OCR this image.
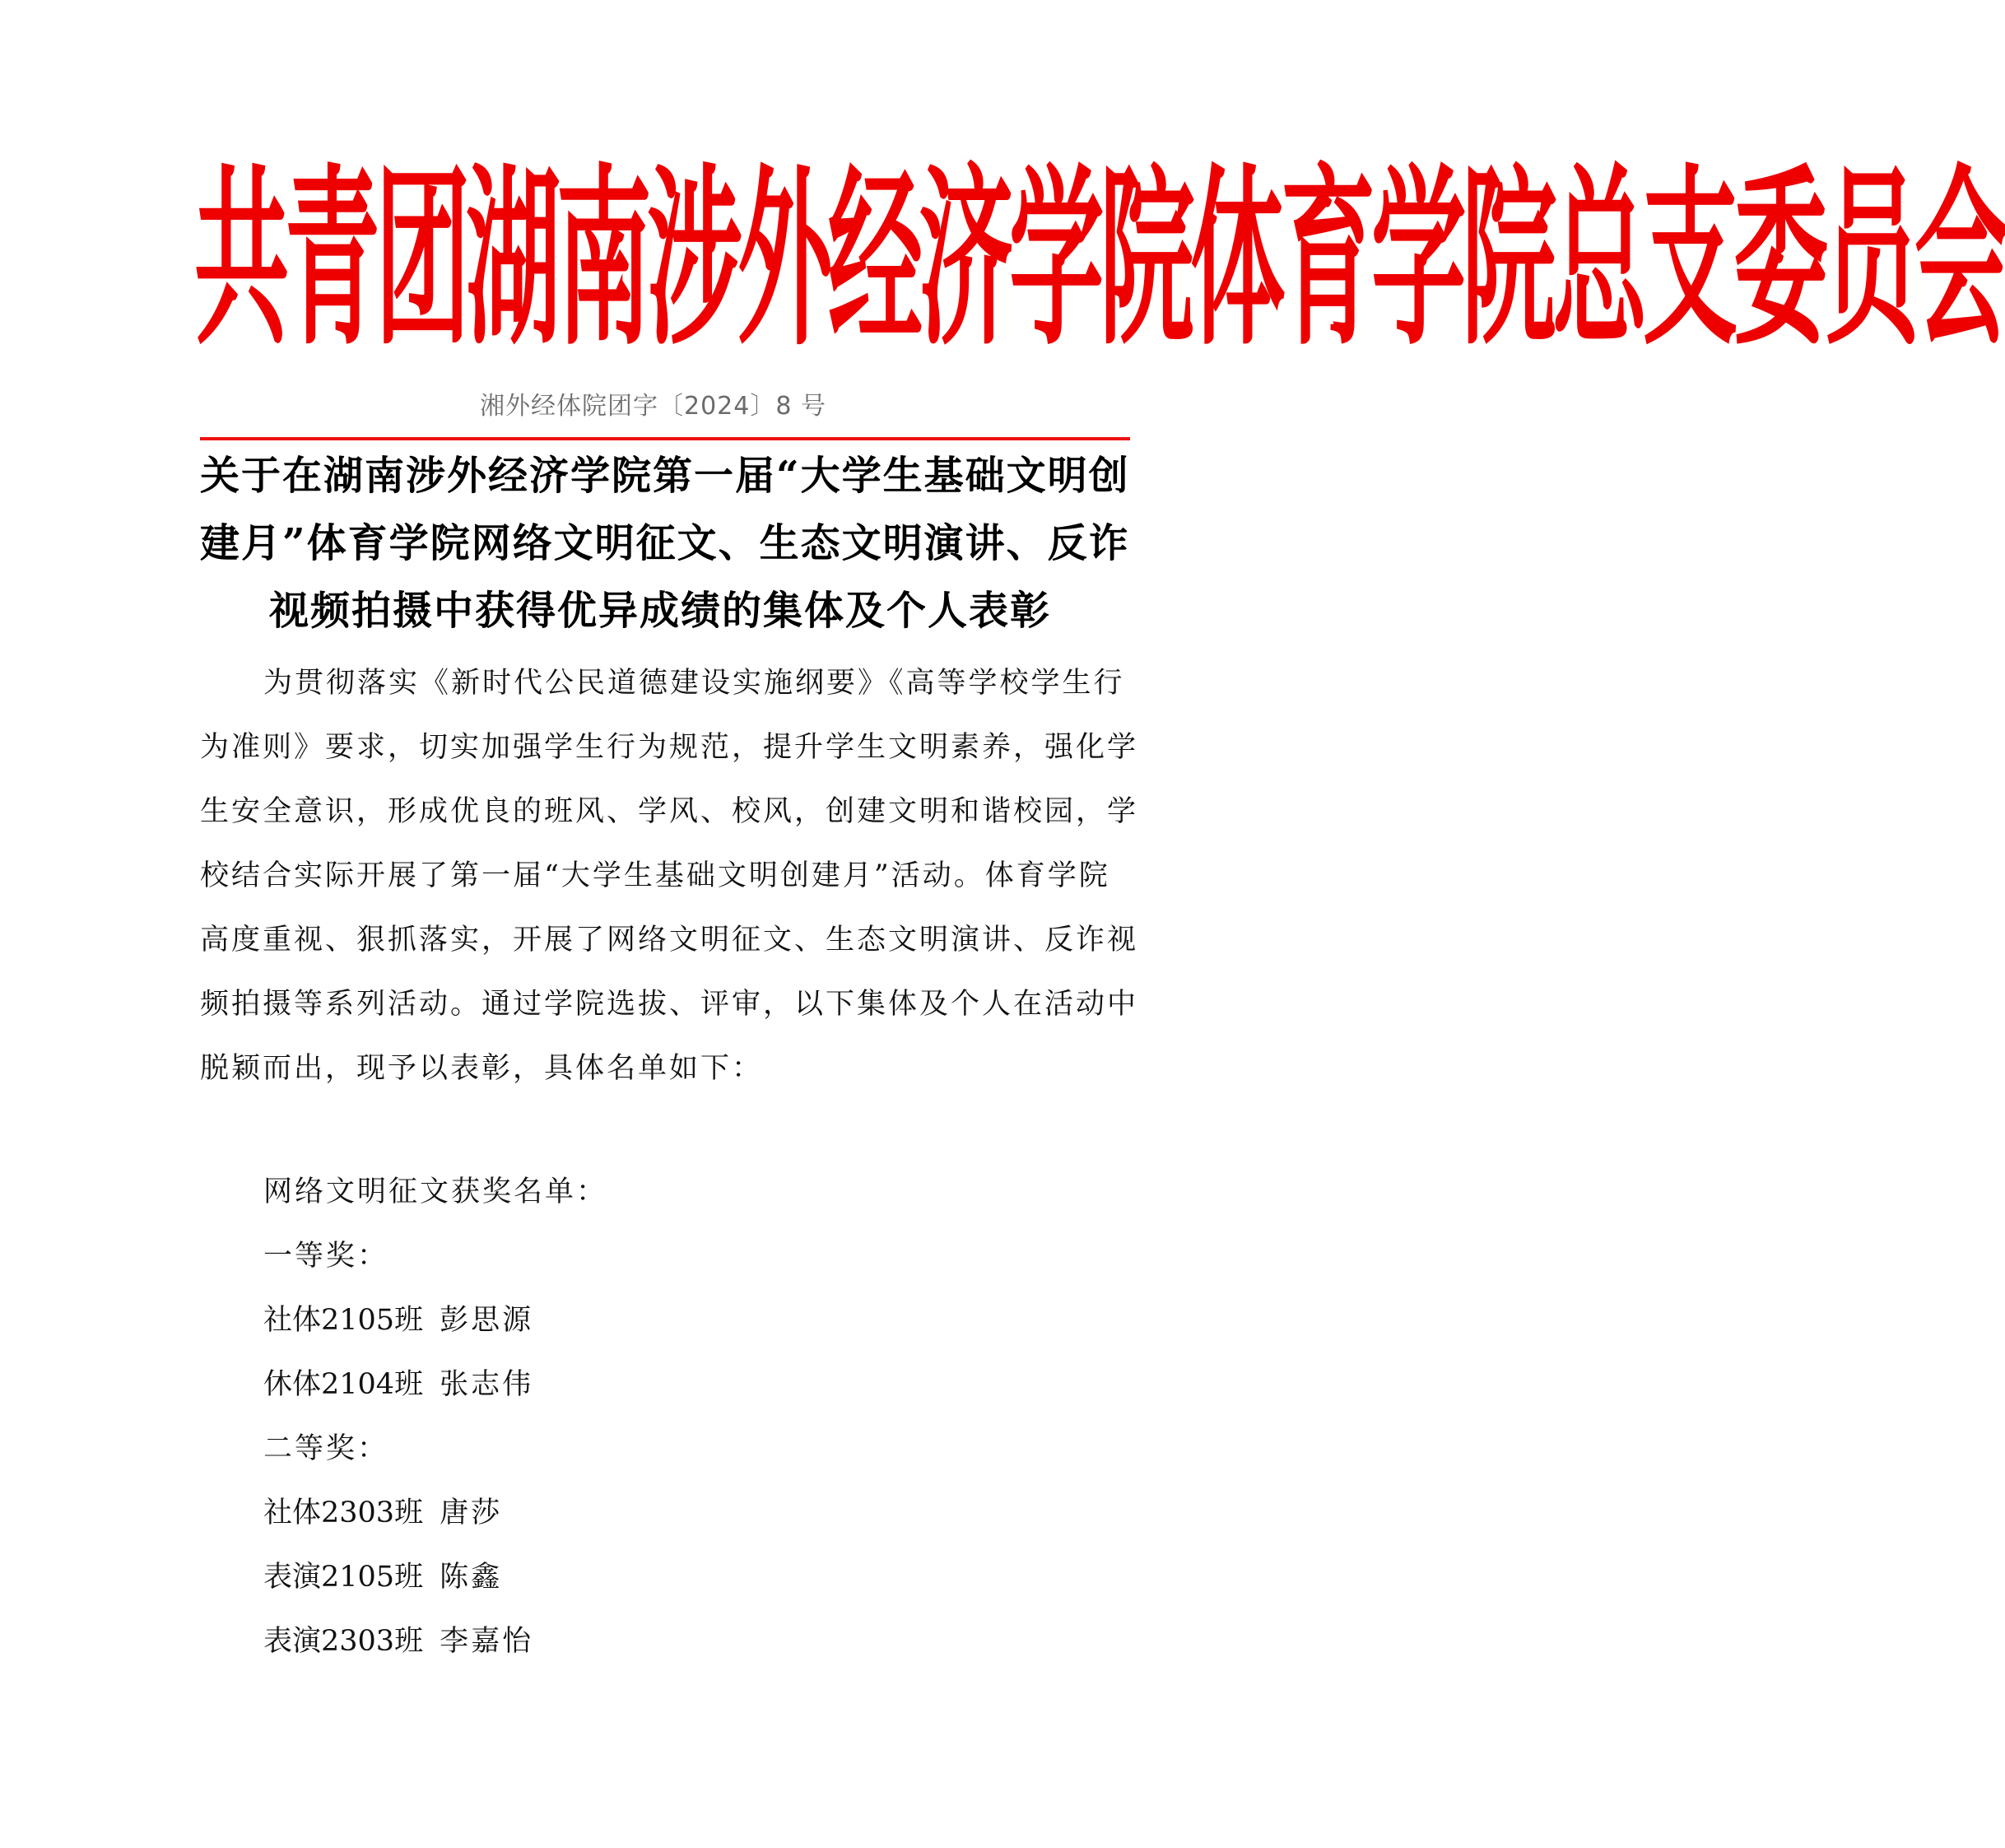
共青团湖南涉外经济学院体育学院总支委员会
湘外经体院团字〔2024〕8 号
关于在湖南涉外经济学院第一届“大学生基础文明创
建月”体育学院网络文明征文、生态文明演讲、反诈
视频拍摄中获得优异成绩的集体及个人表彰
为贯彻落实《新时代公民道德建设实施纲要》《高等学校学生行
为准则》要求，切实加强学生行为规范，提升学生文明素养，强化学
生安全意识，形成优良的班风、学风、校风，创建文明和谐校园，学
校结合实际开展了第一届“大学生基础文明创建月”活动。体育学院
高度重视、狠抓落实，开展了网络文明征文、生态文明演讲、反诈视
频拍摄等系列活动。通过学院选拔、评审，以下集体及个人在活动中
脱颖而出，现予以表彰，具体名单如下：
网络文明征文获奖名单：
一等奖：
社体2105班 彭思源
休体2104班 张志伟
二等奖：
社体2303班 唐莎
表演2105班 陈鑫
表演2303班 李嘉怡
